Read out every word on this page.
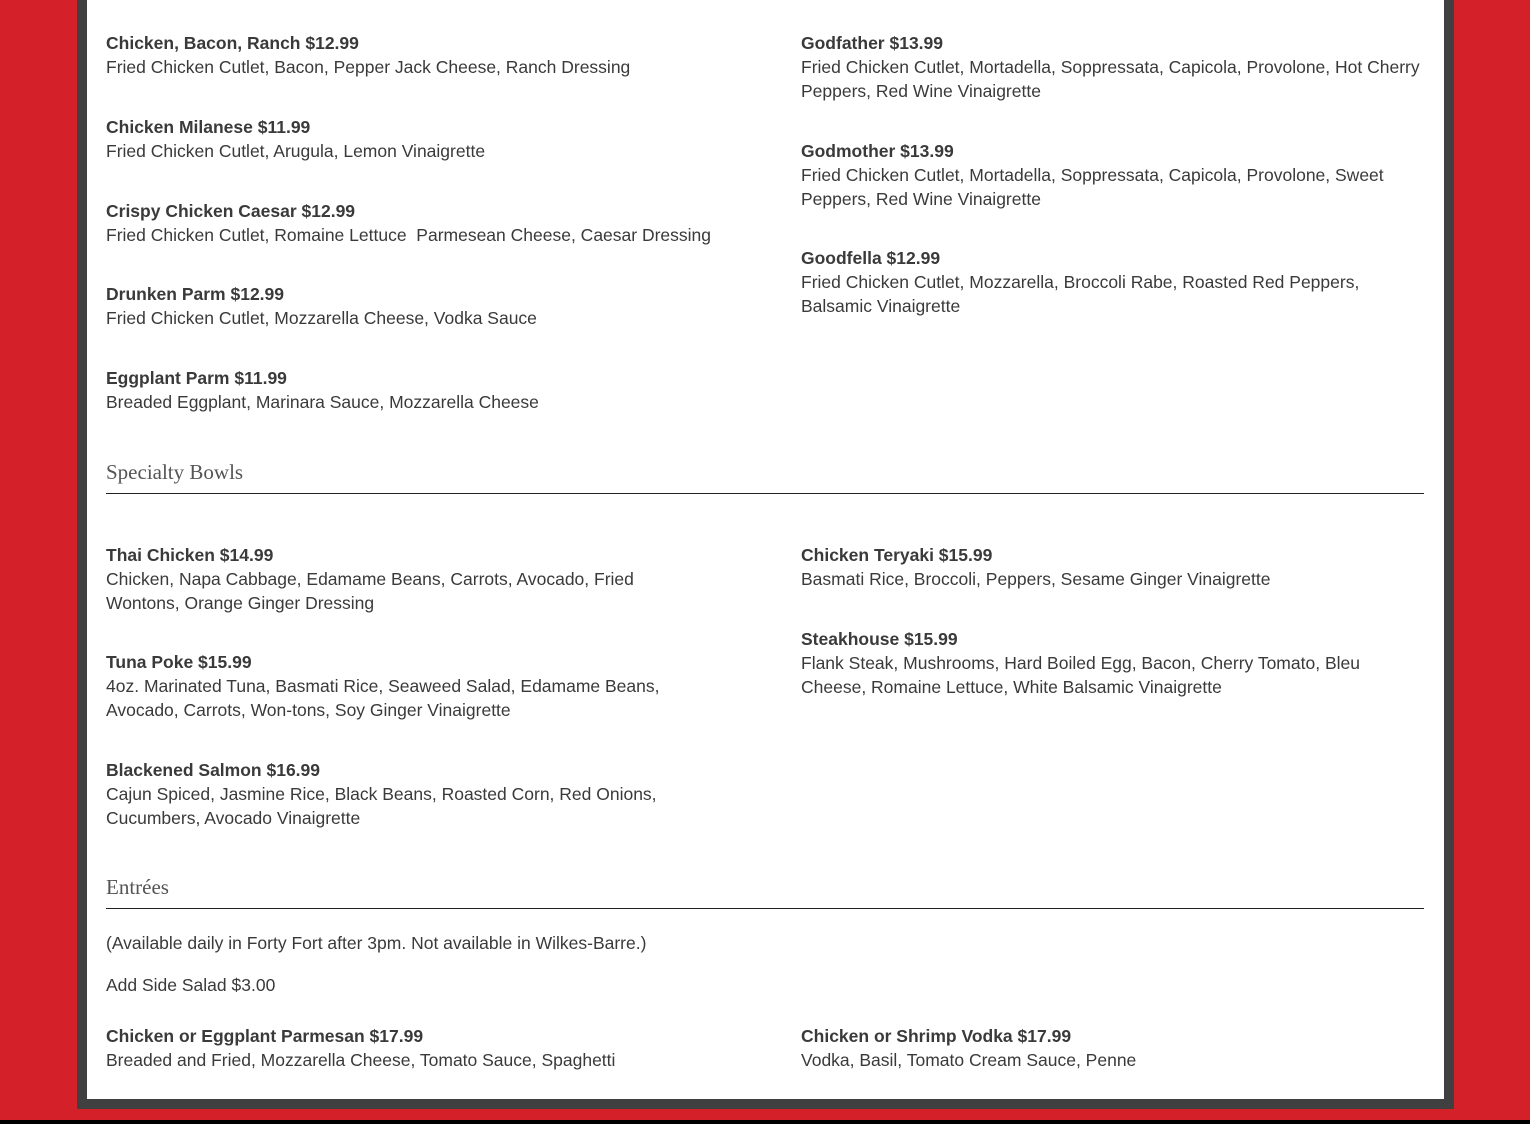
Chicken, Bacon, Ranch $12.99
Fried Chicken Cutlet, Bacon, Pepper Jack Cheese, Ranch Dressing
Chicken Milanese $11.99
Fried Chicken Cutlet, Arugula, Lemon Vinaigrette
Crispy Chicken Caesar $12.99
Fried Chicken Cutlet, Romaine Lettuce  Parmesean Cheese, Caesar Dressing
Drunken Parm $12.99
Fried Chicken Cutlet, Mozzarella Cheese, Vodka Sauce
Eggplant Parm $11.99
Breaded Eggplant, Marinara Sauce, Mozzarella Cheese
Godfather $13.99
Fried Chicken Cutlet, Mortadella, Soppressata, Capicola, Provolone, Hot Cherry Peppers, Red Wine Vinaigrette
Godmother $13.99
Fried Chicken Cutlet, Mortadella, Soppressata, Capicola, Provolone, Sweet Peppers, Red Wine Vinaigrette
Goodfella $12.99
Fried Chicken Cutlet, Mozzarella, Broccoli Rabe, Roasted Red Peppers, Balsamic Vinaigrette
Specialty Bowls
Thai Chicken $14.99
Chicken, Napa Cabbage, Edamame Beans, Carrots, Avocado, Fried Wontons, Orange Ginger Dressing
Tuna Poke $15.99
4oz. Marinated Tuna, Basmati Rice, Seaweed Salad, Edamame Beans, Avocado, Carrots, Won-tons, Soy Ginger Vinaigrette
Blackened Salmon $16.99
Cajun Spiced, Jasmine Rice, Black Beans, Roasted Corn, Red Onions, Cucumbers, Avocado Vinaigrette
Chicken Teryaki $15.99
Basmati Rice, Broccoli, Peppers, Sesame Ginger Vinaigrette
Steakhouse $15.99
Flank Steak, Mushrooms, Hard Boiled Egg, Bacon, Cherry Tomato, Bleu Cheese, Romaine Lettuce, White Balsamic Vinaigrette
Entrées
(Available daily in Forty Fort after 3pm. Not available in Wilkes-Barre.)
Add Side Salad $3.00
Chicken or Eggplant Parmesan $17.99
Breaded and Fried, Mozzarella Cheese, Tomato Sauce, Spaghetti
Chicken or Shrimp Vodka $17.99
Vodka, Basil, Tomato Cream Sauce, Penne
